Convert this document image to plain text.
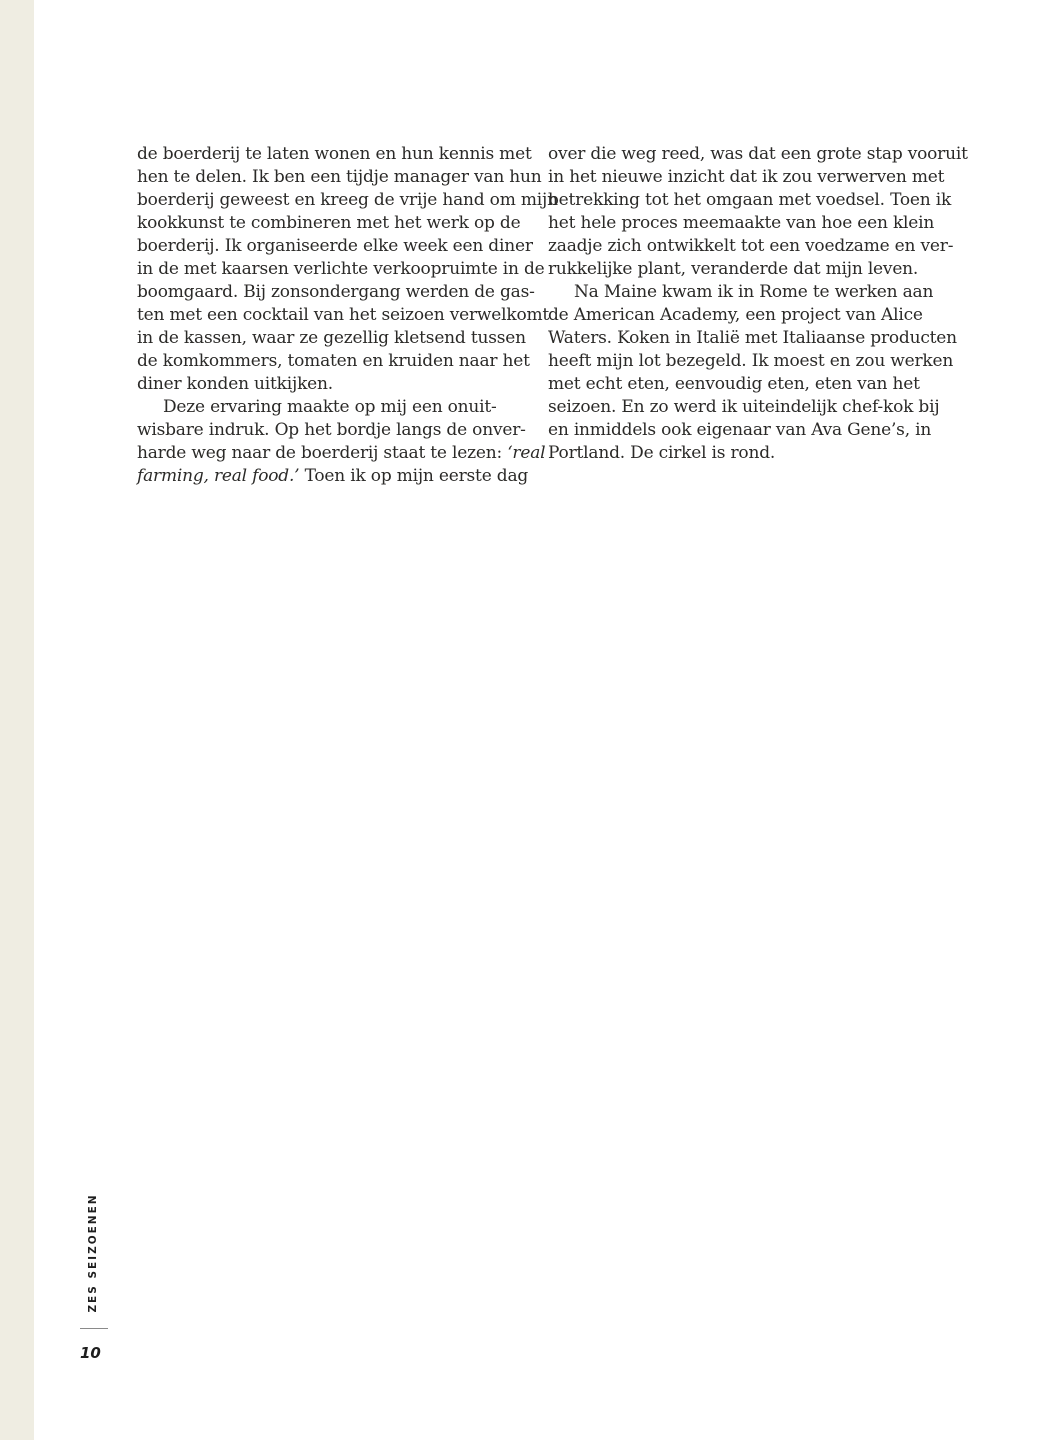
de boerderij te laten wonen en hun kennis met
hen te delen. Ik ben een tijdje manager van hun
boerderij geweest en kreeg de vrije hand om mijn
kookkunst te combineren met het werk op de
boerderij. Ik organiseerde elke week een diner
in de met kaarsen verlichte verkoopruimte in de
boomgaard. Bij zonsondergang werden de gas-
ten met een cocktail van het seizoen verwelkomt
in de kassen, waar ze gezellig kletsend tussen
de komkommers, tomaten en kruiden naar het
diner konden uitkijken.
Deze ervaring maakte op mij een onuit-
wisbare indruk. Op het bordje langs de onver-
harde weg naar de boerderij staat te lezen: ‘real
farming, real food.’ Toen ik op mijn eerste dag
over die weg reed, was dat een grote stap vooruit
in het nieuwe inzicht dat ik zou verwerven met
betrekking tot het omgaan met voedsel. Toen ik
het hele proces meemaakte van hoe een klein
zaadje zich ontwikkelt tot een voedzame en ver-
rukkelijke plant, veranderde dat mijn leven.
Na Maine kwam ik in Rome te werken aan
de American Academy, een project van Alice
Waters. Koken in Italië met Italiaanse producten
heeft mijn lot bezegeld. Ik moest en zou werken
met echt eten, eenvoudig eten, eten van het
seizoen. En zo werd ik uiteindelijk chef-kok bij
en inmiddels ook eigenaar van Ava Gene’s, in
Portland. De cirkel is rond.
ZES SEIZOENEN
10
